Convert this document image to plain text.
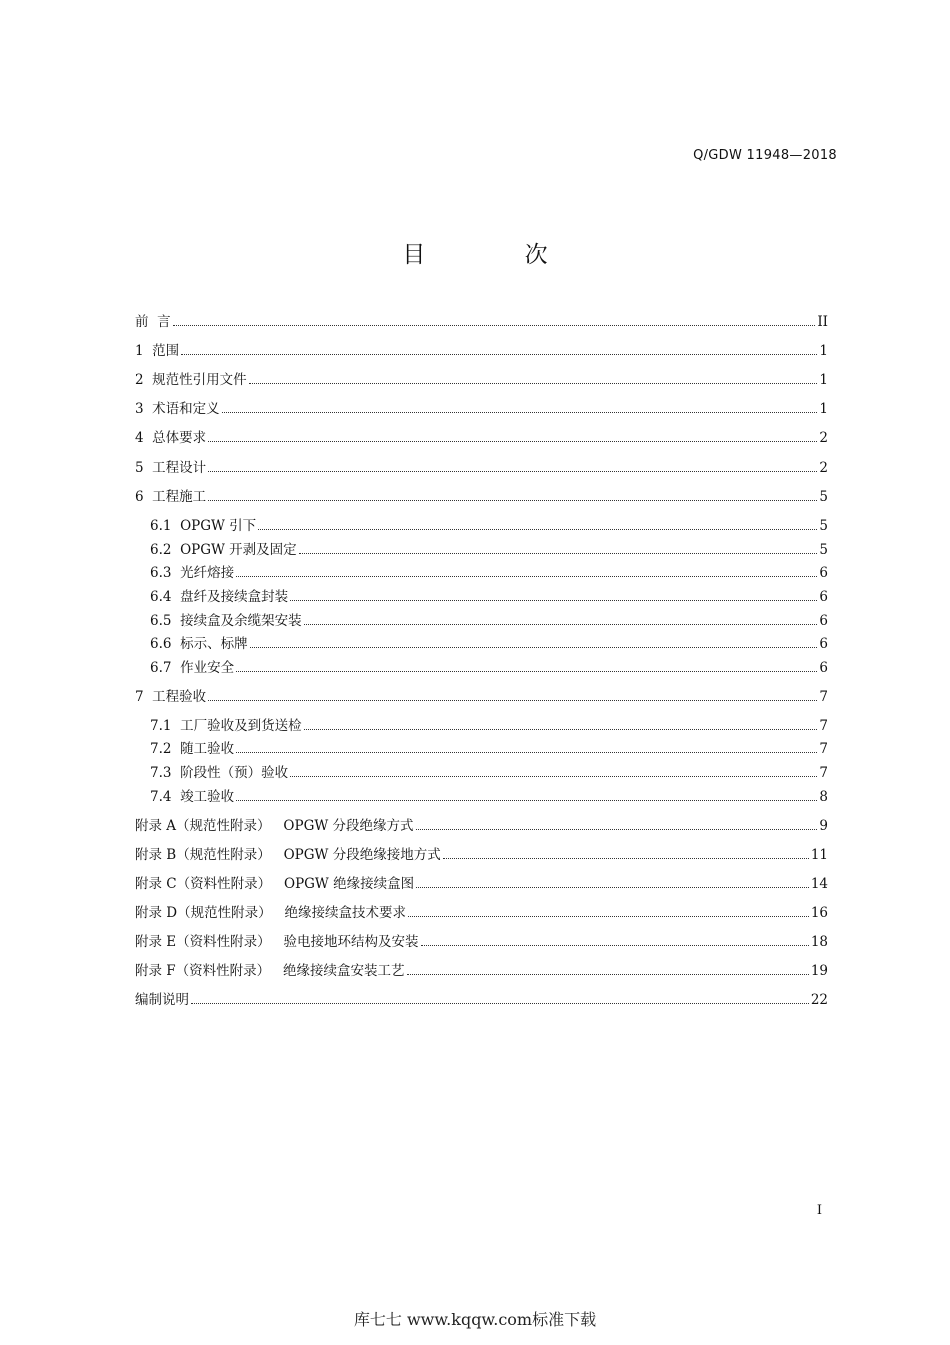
Q/GDW 11948—2018
目 次
前 言	II
1 范围	1
2 规范性引用文件	1
3 术语和定义	1
4 总体要求	2
5 工程设计	2
6 工程施工	5
6.1 OPGW 引下	5
6.2 OPGW 开剥及固定	5
6.3 光纤熔接	6
6.4 盘纤及接续盒封装	6
6.5 接续盒及余缆架安装	6
6.6 标示、标牌	6
6.7 作业安全	6
7 工程验收	7
7.1 工厂验收及到货送检	7
7.2 随工验收	7
7.3 阶段性（预）验收	7
7.4 竣工验收	8
附录 A（规范性附录） OPGW 分段绝缘方式	9
附录 B（规范性附录） OPGW 分段绝缘接地方式	11
附录 C（资料性附录） OPGW 绝缘接续盒图	14
附录 D（规范性附录） 绝缘接续盒技术要求	16
附录 E（资料性附录） 验电接地环结构及安装	18
附录 F（资料性附录） 绝缘接续盒安装工艺	19
编制说明	22
I
库七七 www.kqqw.com标准下载
